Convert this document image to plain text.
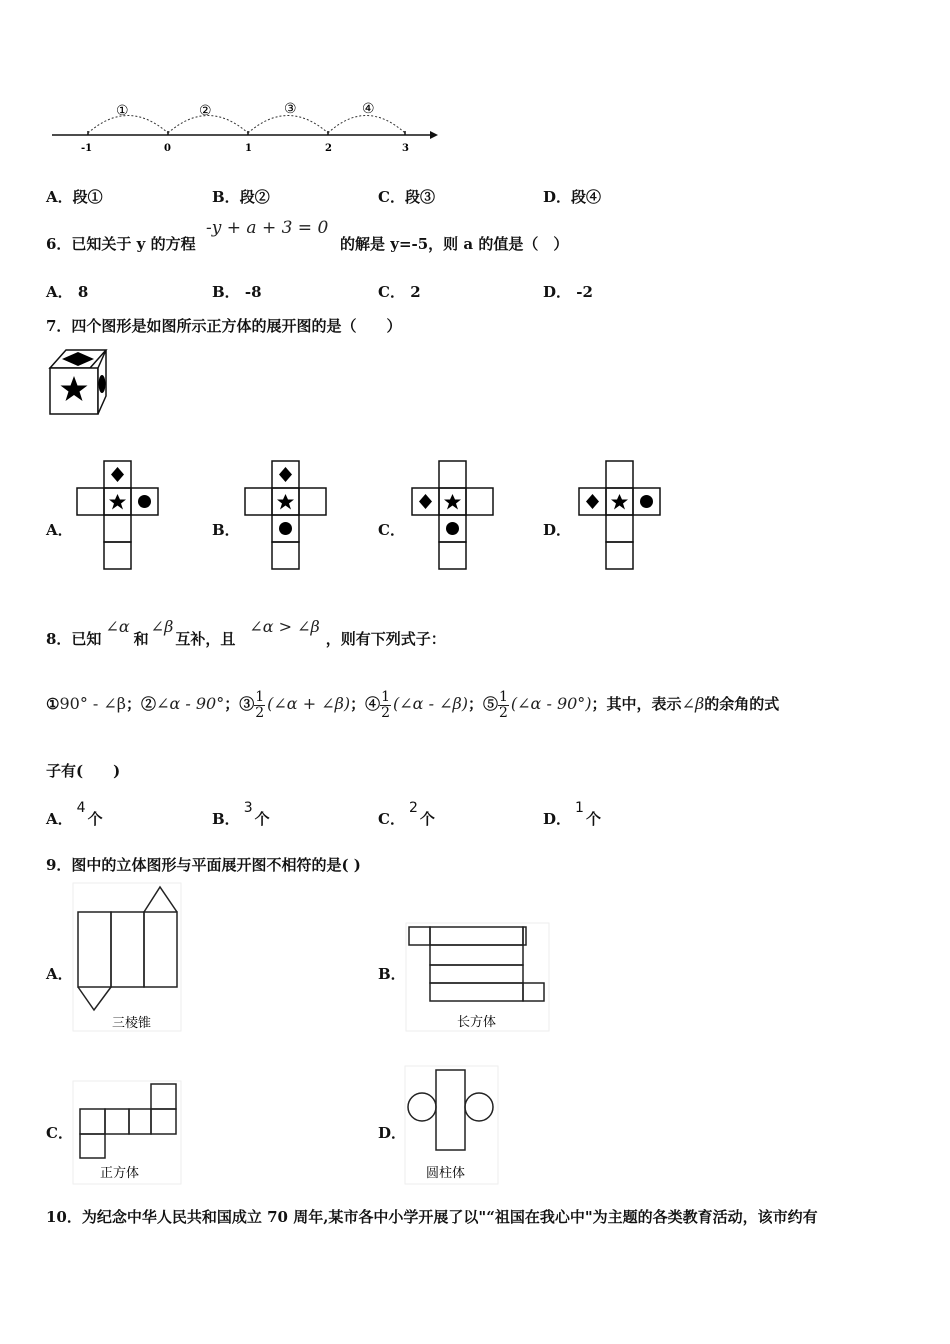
-1	0	1	2	3
①	②	③	④
A．段①	B．段②	C．段③	D．段④
6．已知关于 y 的方程
-y + a + 3 = 0
的解是 y=-5，则 a 的值是（　）
A． 8	B． -8	C． 2	D． -2
7．四个图形是如图所示正方体的展开图的是（　　）
A．	B．	C．	D．
8．已知∠α和∠β互补，且∠α > ∠β，则有下列式子：
①90° - ∠β；②∠α - 90°；③ $\frac{1}{2}$ (∠α + ∠β)；④ $\frac{1}{2}$ (∠α - ∠β)；⑤ $\frac{1}{2}$ (∠α - 90°)；其中，表示∠β的余角的式
子有(　　)
A．4个	B．3个	C．2个	D．1个
9．图中的立体图形与平面展开图不相符的是( )
A．	B．
C．	D．
三棱锥	长方体
正方体	圆柱体
10．为纪念中华人民共和国成立 70 周年,某市各中小学开展了以"“祖国在我心中"为主题的各类教育活动，该市约有
